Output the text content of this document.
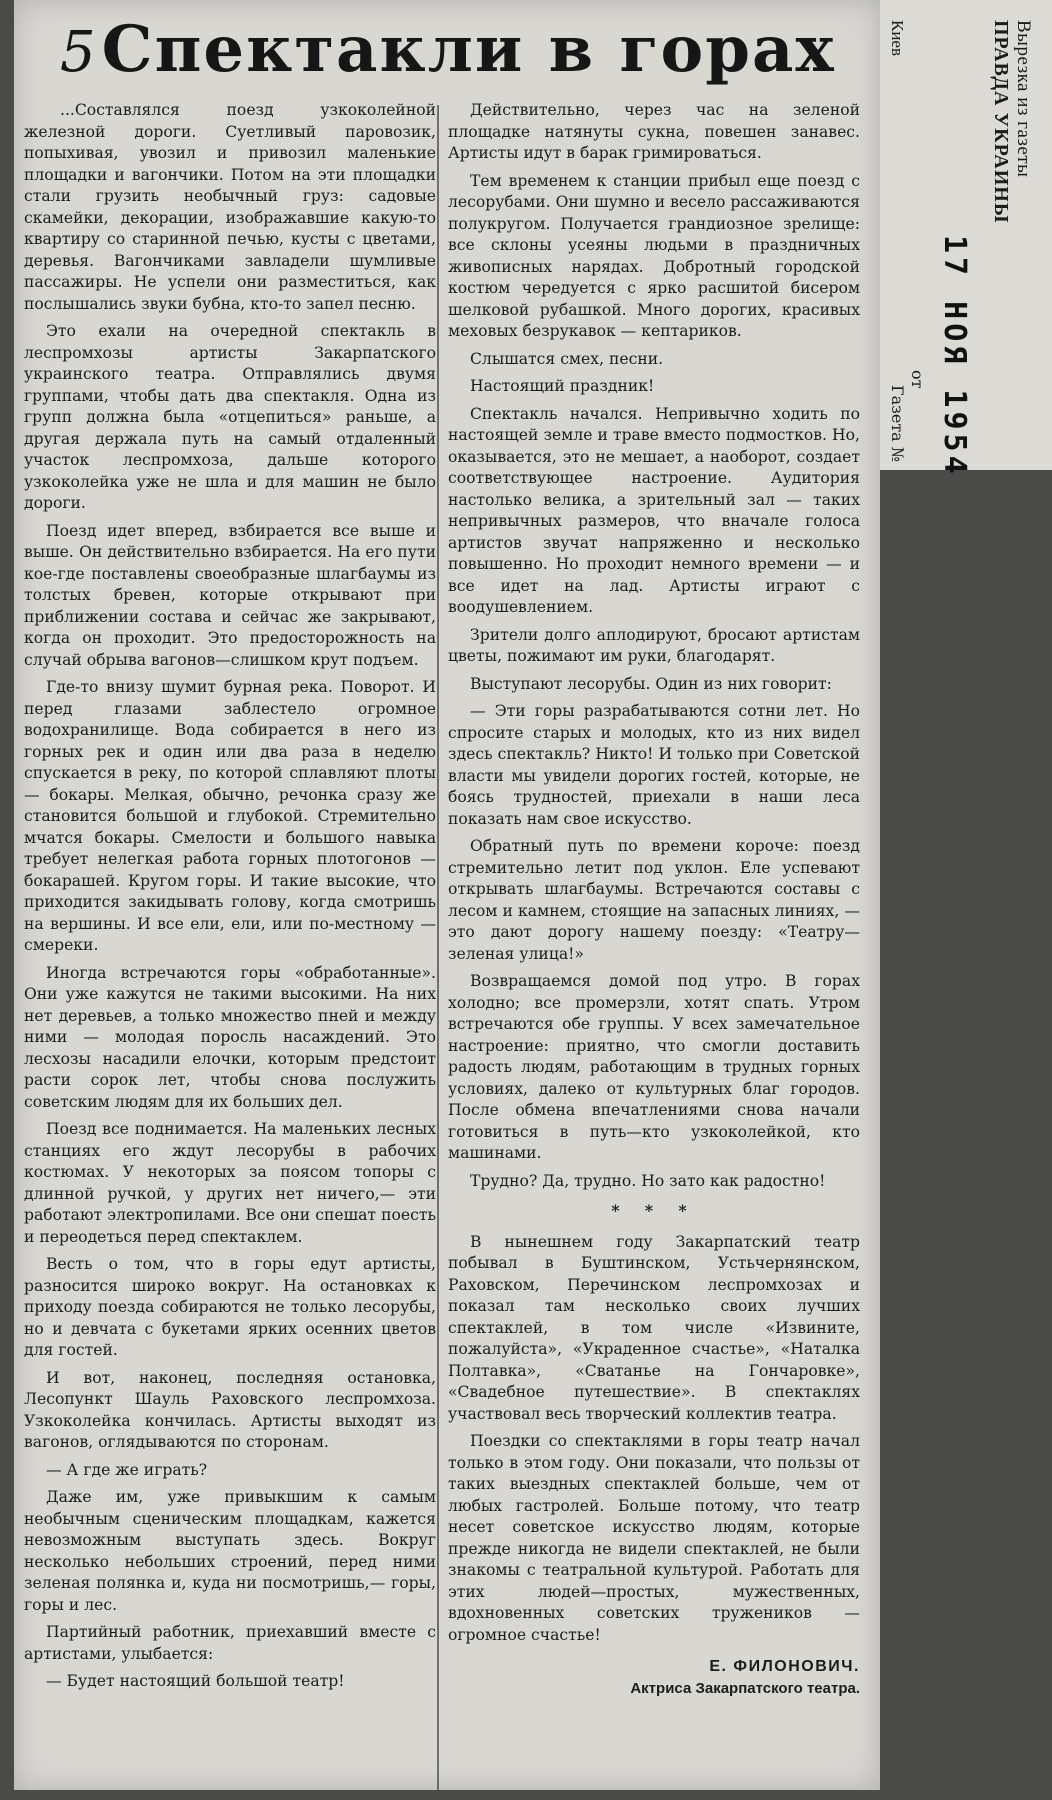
Вырезка из газеты
ПРАВДА УКРАИНЫ
Киев
17 НОЯ 1954
от
Газета №
5Спектакли в горах

...Составлялся поезд узкоколейной железной дороги. Суетливый паровозик, попыхивая, увозил и привозил маленькие площадки и вагончики. Потом на эти площадки стали грузить необычный груз: садовые скамейки, декорации, изображавшие какую-то квартиру со старинной печью, кусты с цветами, деревья. Вагончиками завладели шумливые пассажиры. Не успели они разместиться, как послышались звуки бубна, кто-то запел песню.

Это ехали на очередной спектакль в леспромхозы артисты Закарпатского украинского театра. Отправлялись двумя группами, чтобы дать два спектакля. Одна из групп должна была «отцепиться» раньше, а другая держала путь на самый отдаленный участок леспромхоза, дальше которого узкоколейка уже не шла и для машин не было дороги.

Поезд идет вперед, взбирается все выше и выше. Он действительно взбирается. На его пути кое-где поставлены своеобразные шлагбаумы из толстых бревен, которые открывают при приближении состава и сейчас же закрывают, когда он проходит. Это предосторожность на случай обрыва вагонов—слишком крут подъем.

Где-то внизу шумит бурная река. Поворот. И перед глазами заблестело огромное водохранилище. Вода собирается в него из горных рек и один или два раза в неделю спускается в реку, по которой сплавляют плоты — бокары. Мелкая, обычно, речонка сразу же становится большой и глубокой. Стремительно мчатся бокары. Смелости и большого навыка требует нелегкая работа горных плотогонов — бокарашей. Кругом горы. И такие высокие, что приходится закидывать голову, когда смотришь на вершины. И все ели, ели, или по-местному — смереки.

Иногда встречаются горы «обработанные». Они уже кажутся не такими высокими. На них нет деревьев, а только множество пней и между ними — молодая поросль насаждений. Это лесхозы насадили елочки, которым предстоит расти сорок лет, чтобы снова послужить советским людям для их больших дел.

Поезд все поднимается. На маленьких лесных станциях его ждут лесорубы в рабочих костюмах. У некоторых за поясом топоры с длинной ручкой, у других нет ничего,— эти работают электропилами. Все они спешат поесть и переодеться перед спектаклем.

Весть о том, что в горы едут артисты, разносится широко вокруг. На остановках к приходу поезда собираются не только лесорубы, но и девчата с букетами ярких осенних цветов для гостей.

И вот, наконец, последняя остановка, Лесопункт Шауль Раховского леспромхоза. Узкоколейка кончилась. Артисты выходят из вагонов, оглядываются по сторонам.

— А где же играть?

Даже им, уже привыкшим к самым необычным сценическим площадкам, кажется невозможным выступать здесь. Вокруг несколько небольших строений, перед ними зеленая полянка и, куда ни посмотришь,— горы, горы и лес.

Партийный работник, приехавший вместе с артистами, улыбается:

— Будет настоящий большой театр!

Действительно, через час на зеленой площадке натянуты сукна, повешен занавес. Артисты идут в барак гримироваться.

Тем временем к станции прибыл еще поезд с лесорубами. Они шумно и весело рассаживаются полукругом. Получается грандиозное зрелище: все склоны усеяны людьми в праздничных живописных нарядах. Добротный городской костюм чередуется с ярко расшитой бисером шелковой рубашкой. Много дорогих, красивых меховых безрукавок — кептариков.

Слышатся смех, песни.

Настоящий праздник!

Спектакль начался. Непривычно ходить по настоящей земле и траве вместо подмостков. Но, оказывается, это не мешает, а наоборот, создает соответствующее настроение. Аудитория настолько велика, а зрительный зал — таких непривычных размеров, что вначале голоса артистов звучат напряженно и несколько повышенно. Но проходит немного времени — и все идет на лад. Артисты играют с воодушевлением.

Зрители долго аплодируют, бросают артистам цветы, пожимают им руки, благодарят.

Выступают лесорубы. Один из них говорит:

— Эти горы разрабатываются сотни лет. Но спросите старых и молодых, кто из них видел здесь спектакль? Никто! И только при Советской власти мы увидели дорогих гостей, которые, не боясь трудностей, приехали в наши леса показать нам свое искусство.

Обратный путь по времени короче: поезд стремительно летит под уклон. Еле успевают открывать шлагбаумы. Встречаются составы с лесом и камнем, стоящие на запасных линиях, — это дают дорогу нашему поезду: «Театру—зеленая улица!»

Возвращаемся домой под утро. В горах холодно; все промерзли, хотят спать. Утром встречаются обе группы. У всех замечательное настроение: приятно, что смогли доставить радость людям, работающим в трудных горных условиях, далеко от культурных благ городов. После обмена впечатлениями снова начали готовиться в путь—кто узкоколейкой, кто машинами.

Трудно? Да, трудно. Но зато как радостно!

* * *

В нынешнем году Закарпатский театр побывал в Буштинском, Устьчернянском, Раховском, Перечинском леспромхозах и показал там несколько своих лучших спектаклей, в том числе «Извините, пожалуйста», «Украденное счастье», «Наталка Полтавка», «Сватанье на Гончаровке», «Свадебное путешествие». В спектаклях участвовал весь творческий коллектив театра.

Поездки со спектаклями в горы театр начал только в этом году. Они показали, что пользы от таких выездных спектаклей больше, чем от любых гастролей. Больше потому, что театр несет советское искусство людям, которые прежде никогда не видели спектаклей, не были знакомы с театральной культурой. Работать для этих людей—простых, мужественных, вдохновенных советских тружеников — огромное счастье!

Е. ФИЛОНОВИЧ.
Актриса Закарпатского театра.
